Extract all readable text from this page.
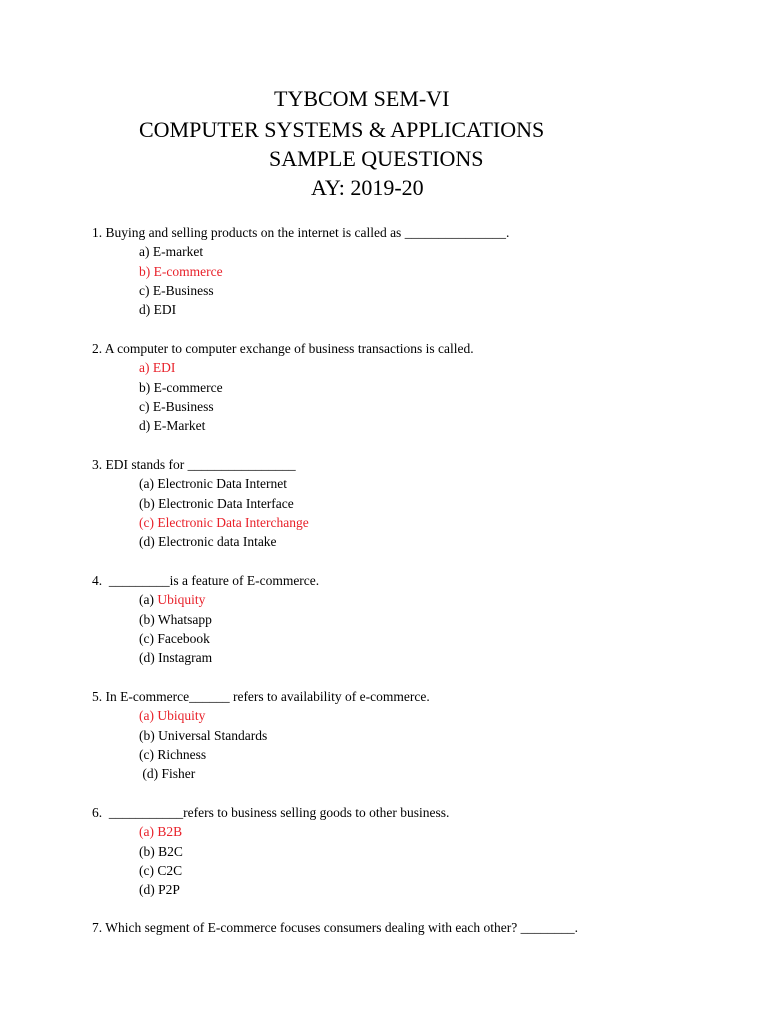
TYBCOM SEM-VI
COMPUTER SYSTEMS & APPLICATIONS
SAMPLE QUESTIONS
AY: 2019-20
1. Buying and selling products on the internet is called as _______________.
a) E-market
b) E-commerce
c) E-Business
d) EDI
2. A computer to computer exchange of business transactions is called.
a) EDI
b) E-commerce
c) E-Business
d) E-Market
3. EDI stands for ________________
(a) Electronic Data Internet
(b) Electronic Data Interface
(c) Electronic Data Interchange
(d) Electronic data Intake
4.  _________is a feature of E-commerce.
(a) Ubiquity
(b) Whatsapp
(c) Facebook
(d) Instagram
5. In E-commerce______ refers to availability of e-commerce.
(a) Ubiquity
(b) Universal Standards
(c) Richness
(d) Fisher
6.  ___________refers to business selling goods to other business.
(a) B2B
(b) B2C
(c) C2C
(d) P2P
7. Which segment of E-commerce focuses consumers dealing with each other? ________.
